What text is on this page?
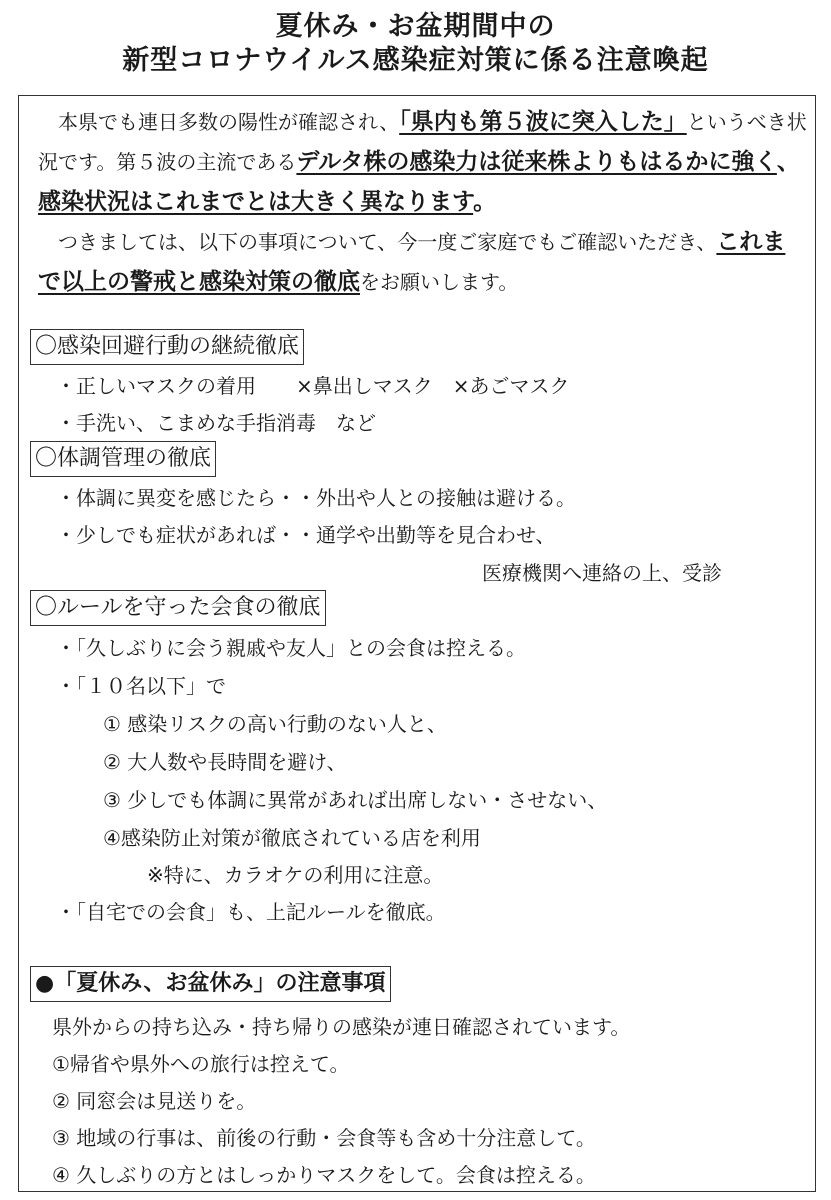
夏休み・お盆期間中の
新型コロナウイルス感染症対策に係る注意喚起

本県でも連日多数の陽性が確認され、「県内も第５波に突入した」というべき状況です。第５波の主流であるデルタ株の感染力は従来株よりもはるかに強く、感染状況はこれまでとは大きく異なります。

つきましては、以下の事項について、今一度ご家庭でもご確認いただき、これまで以上の警戒と感染対策の徹底をお願いします。

〇感染回避行動の継続徹底
・正しいマスクの着用　　×鼻出しマスク　×あごマスク
・手洗い、こまめな手指消毒　など
〇体調管理の徹底
・体調に異変を感じたら・・外出や人との接触は避ける。
・少しでも症状があれば・・通学や出勤等を見合わせ、
医療機関へ連絡の上、受診
〇ルールを守った会食の徹底
・「久しぶりに会う親戚や友人」との会食は控える。
・「１０名以下」で
① 感染リスクの高い行動のない人と、
② 大人数や長時間を避け、
③ 少しでも体調に異常があれば出席しない・させない、
④感染防止対策が徹底されている店を利用
※特に、カラオケの利用に注意。
・「自宅での会食」も、上記ルールを徹底。
●「夏休み、お盆休み」の注意事項
県外からの持ち込み・持ち帰りの感染が連日確認されています。
①帰省や県外への旅行は控えて。
② 同窓会は見送りを。
③ 地域の行事は、前後の行動・会食等も含め十分注意して。
④ 久しぶりの方とはしっかりマスクをして。会食は控える。
